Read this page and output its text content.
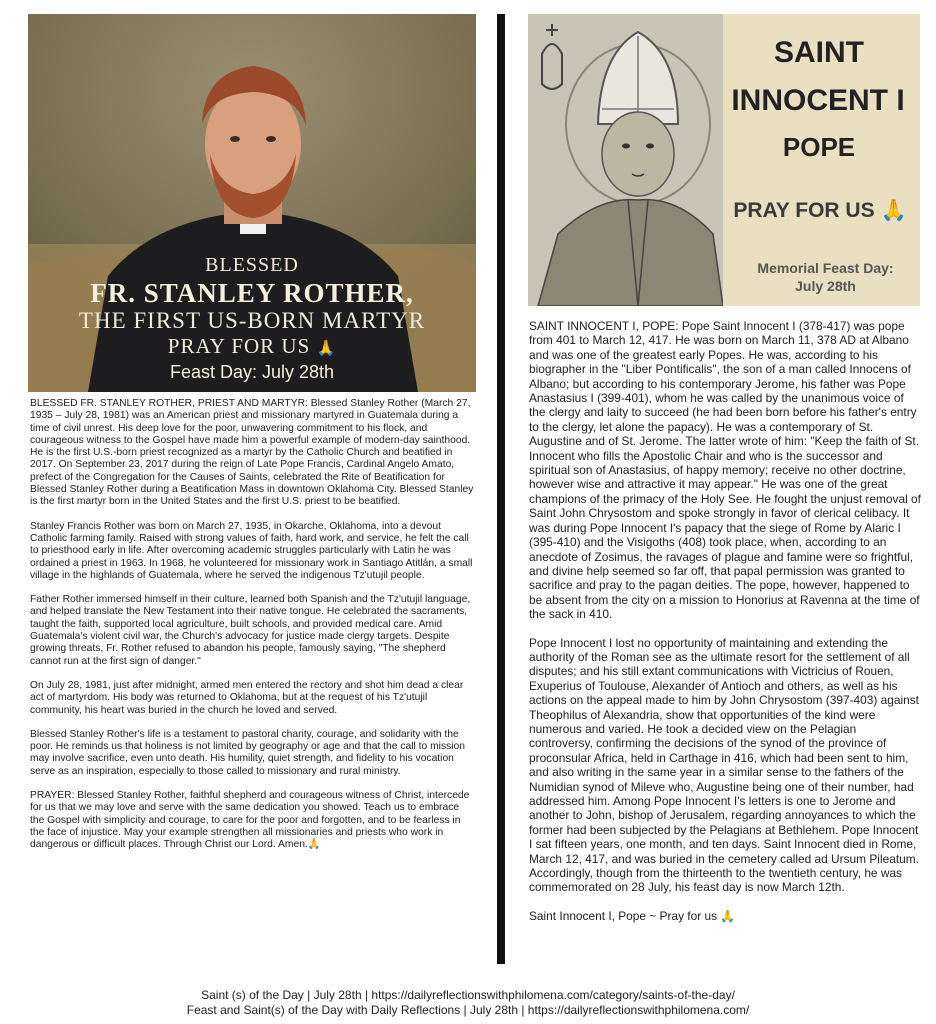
BLESSED
FR. STANLEY ROTHER,
THE FIRST US-BORN MARTYR
PRAY FOR US 🙏
Feast Day: July 28th

BLESSED FR. STANLEY ROTHER, PRIEST AND MARTYR: Blessed Stanley Rother (March 27, 1935 – July 28, 1981) was an American priest and missionary martyred in Guatemala during a time of civil unrest. His deep love for the poor, unwavering commitment to his flock, and courageous witness to the Gospel have made him a powerful example of modern-day sainthood. He is the first U.S.-born priest recognized as a martyr by the Catholic Church and beatified in 2017. On September 23, 2017 during the reign of Late Pope Francis, Cardinal Angelo Amato, prefect of the Congregation for the Causes of Saints, celebrated the Rite of Beatification for Blessed Stanley Rother during a Beatification Mass in downtown Oklahoma City. Blessed Stanley is the first martyr born in the United States and the first U.S. priest to be beatified.

Stanley Francis Rother was born on March 27, 1935, in Okarche, Oklahoma, into a devout Catholic farming family. Raised with strong values of faith, hard work, and service, he felt the call to priesthood early in life. After overcoming academic struggles particularly with Latin he was ordained a priest in 1963. In 1968, he volunteered for missionary work in Santiago Atitlán, a small village in the highlands of Guatemala, where he served the indigenous Tz'utujil people.

Father Rother immersed himself in their culture, learned both Spanish and the Tz'utujil language, and helped translate the New Testament into their native tongue. He celebrated the sacraments, taught the faith, supported local agriculture, built schools, and provided medical care. Amid Guatemala's violent civil war, the Church's advocacy for justice made clergy targets. Despite growing threats, Fr. Rother refused to abandon his people, famously saying, "The shepherd cannot run at the first sign of danger."

On July 28, 1981, just after midnight, armed men entered the rectory and shot him dead a clear act of martyrdom. His body was returned to Oklahoma, but at the request of his Tz'utujil community, his heart was buried in the church he loved and served.

Blessed Stanley Rother's life is a testament to pastoral charity, courage, and solidarity with the poor. He reminds us that holiness is not limited by geography or age and that the call to mission may involve sacrifice, even unto death. His humility, quiet strength, and fidelity to his vocation serve as an inspiration, especially to those called to missionary and rural ministry.

PRAYER: Blessed Stanley Rother, faithful shepherd and courageous witness of Christ, intercede for us that we may love and serve with the same dedication you showed. Teach us to embrace the Gospel with simplicity and courage, to care for the poor and forgotten, and to be fearless in the face of injustice. May your example strengthen all missionaries and priests who work in dangerous or difficult places. Through Christ our Lord. Amen.🙏

SAINT
INNOCENT I
POPE
PRAY FOR US 🙏
Memorial Feast Day:
July 28th

SAINT INNOCENT I, POPE: Pope Saint Innocent I (378-417) was pope from 401 to March 12, 417. He was born on March 11, 378 AD at Albano and was one of the greatest early Popes. He was, according to his biographer in the "Liber Pontificalis", the son of a man called Innocens of Albano; but according to his contemporary Jerome, his father was Pope Anastasius I (399-401), whom he was called by the unanimous voice of the clergy and laity to succeed (he had been born before his father's entry to the clergy, let alone the papacy). He was a contemporary of St. Augustine and of St. Jerome. The latter wrote of him: "Keep the faith of St. Innocent who fills the Apostolic Chair and who is the successor and spiritual son of Anastasius, of happy memory; receive no other doctrine, however wise and attractive it may appear." He was one of the great champions of the primacy of the Holy See. He fought the unjust removal of Saint John Chrysostom and spoke strongly in favor of clerical celibacy. It was during Pope Innocent I's papacy that the siege of Rome by Alaric I (395-410) and the Visigoths (408) took place, when, according to an anecdote of Zosimus, the ravages of plague and famine were so frightful, and divine help seemed so far off, that papal permission was granted to sacrifice and pray to the pagan deities. The pope, however, happened to be absent from the city on a mission to Honorius at Ravenna at the time of the sack in 410.

Pope Innocent I lost no opportunity of maintaining and extending the authority of the Roman see as the ultimate resort for the settlement of all disputes; and his still extant communications with Victricius of Rouen, Exuperius of Toulouse, Alexander of Antioch and others, as well as his actions on the appeal made to him by John Chrysostom (397-403) against Theophilus of Alexandria, show that opportunities of the kind were numerous and varied. He took a decided view on the Pelagian controversy, confirming the decisions of the synod of the province of proconsular Africa, held in Carthage in 416, which had been sent to him, and also writing in the same year in a similar sense to the fathers of the Numidian synod of Mileve who, Augustine being one of their number, had addressed him. Among Pope Innocent I's letters is one to Jerome and another to John, bishop of Jerusalem, regarding annoyances to which the former had been subjected by the Pelagians at Bethlehem. Pope Innocent I sat fifteen years, one month, and ten days. Saint Innocent died in Rome, March 12, 417, and was buried in the cemetery called ad Ursum Pileatum. Accordingly, though from the thirteenth to the twentieth century, he was commemorated on 28 July, his feast day is now March 12th.

Saint Innocent I, Pope ~ Pray for us 🙏

Saint (s) of the Day | July 28th | https://dailyreflectionswithphilomena.com/category/saints-of-the-day/
Feast and Saint(s) of the Day with Daily Reflections | July 28th | https://dailyreflectionswithphilomena.com/
